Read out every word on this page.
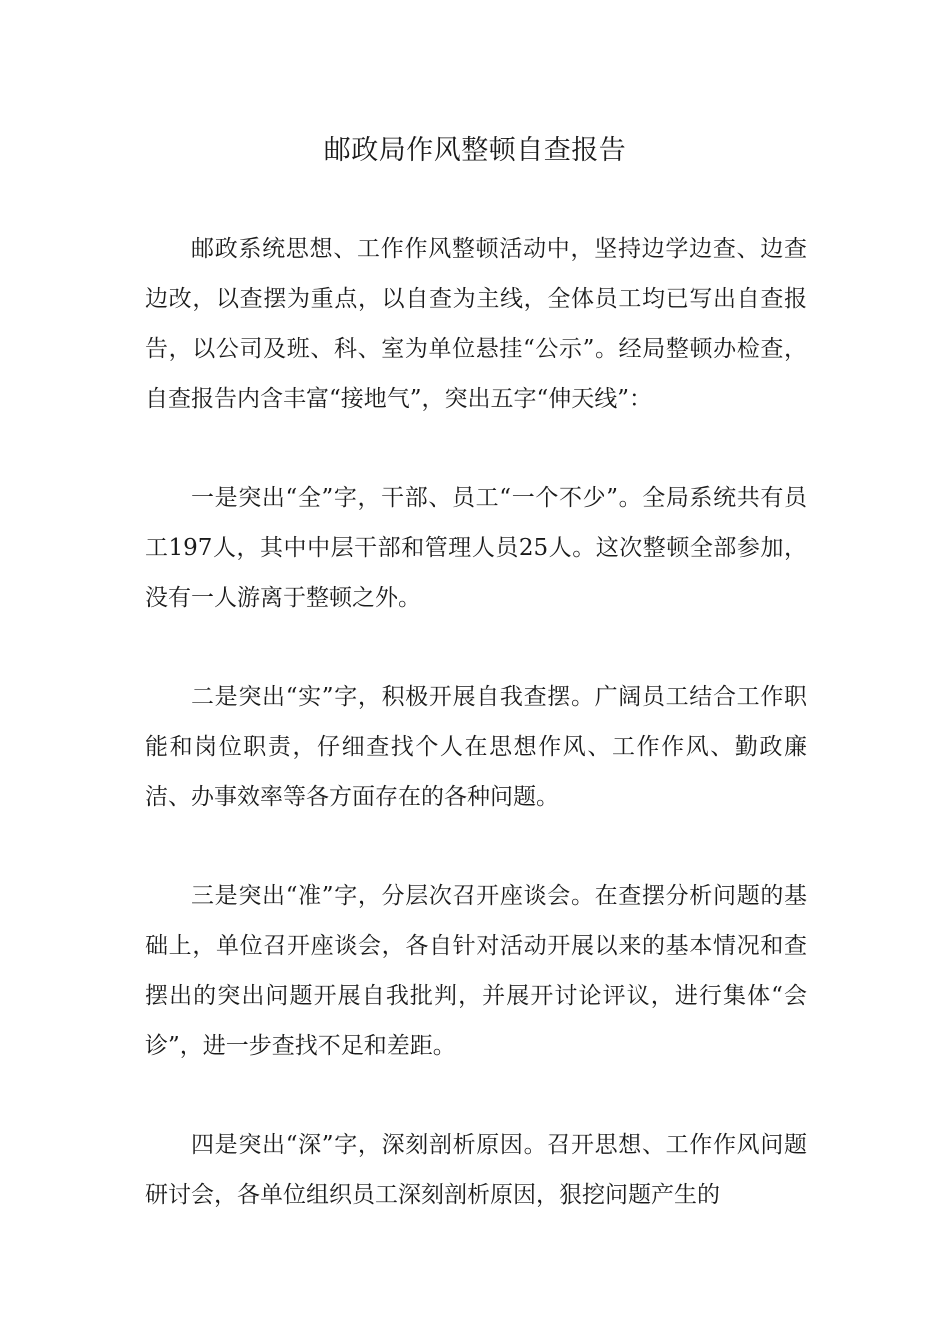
邮政局作风整顿自查报告

邮政系统思想、工作作风整顿活动中，坚持边学边查、边查边改，以查摆为重点，以自查为主线，全体员工均已写出自查报告，以公司及班、科、室为单位悬挂“公示”。经局整顿办检查，自查报告内含丰富“接地气”，突出五字“伸天线”：

一是突出“全”字，干部、员工“一个不少”。全局系统共有员工197人，其中中层干部和管理人员25人。这次整顿全部参加，没有一人游离于整顿之外。

二是突出“实”字，积极开展自我查摆。广阔员工结合工作职能和岗位职责，仔细查找个人在思想作风、工作作风、勤政廉洁、办事效率等各方面存在的各种问题。

三是突出“准”字，分层次召开座谈会。在查摆分析问题的基础上，单位召开座谈会，各自针对活动开展以来的基本情况和查摆出的突出问题开展自我批判，并展开讨论评议，进行集体“会诊”，进一步查找不足和差距。

四是突出“深”字，深刻剖析原因。召开思想、工作作风问题研讨会，各单位组织员工深刻剖析原因，狠挖问题产生的
